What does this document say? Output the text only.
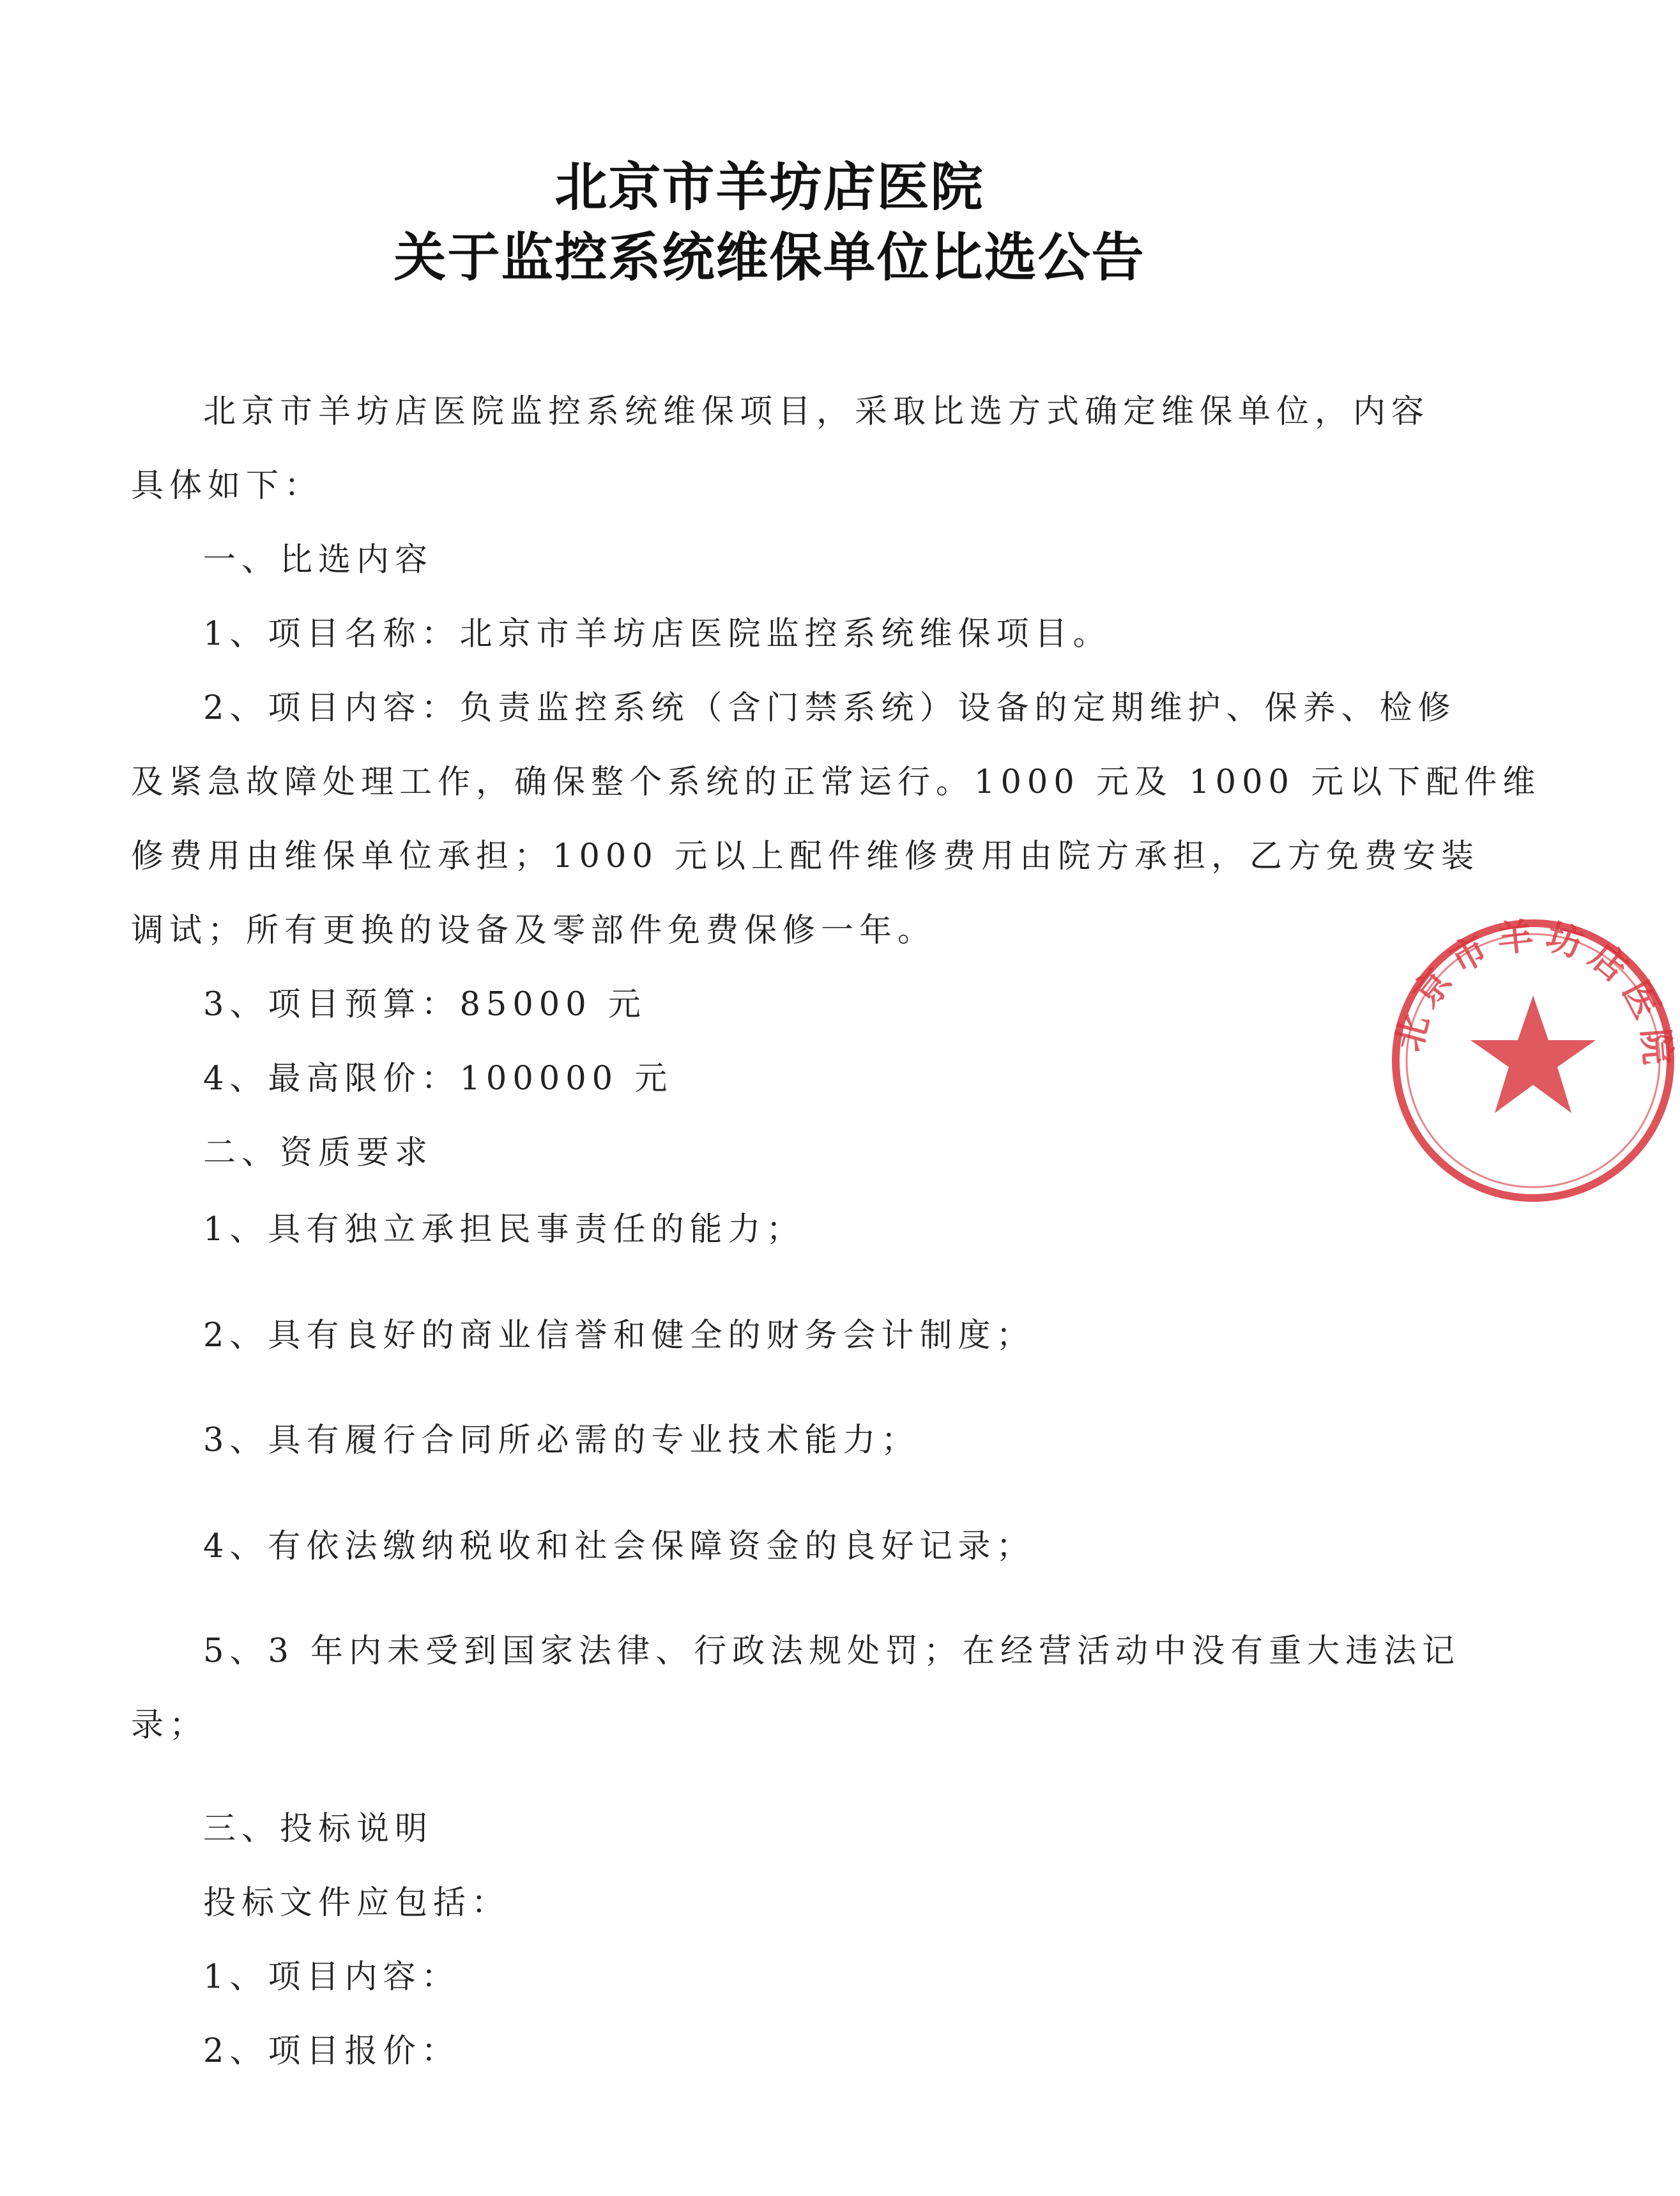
北京市羊坊店医院
关于监控系统维保单位比选公告
北京市羊坊店医院监控系统维保项目，采取比选方式确定维保单位，内容
具体如下：
一、比选内容
1、项目名称：北京市羊坊店医院监控系统维保项目。
2、项目内容：负责监控系统（含门禁系统）设备的定期维护、保养、检修
及紧急故障处理工作，确保整个系统的正常运行。1000 元及 1000 元以下配件维
修费用由维保单位承担；1000 元以上配件维修费用由院方承担，乙方免费安装
调试；所有更换的设备及零部件免费保修一年。
3、项目预算：85000 元
4、最高限价：100000 元
二、资质要求
1、具有独立承担民事责任的能力；
2、具有良好的商业信誉和健全的财务会计制度；
3、具有履行合同所必需的专业技术能力；
4、有依法缴纳税收和社会保障资金的良好记录；
5、3 年内未受到国家法律、行政法规处罚；在经营活动中没有重大违法记
录；
三、投标说明
投标文件应包括：
1、项目内容：
2、项目报价：
北京市羊坊店医院
